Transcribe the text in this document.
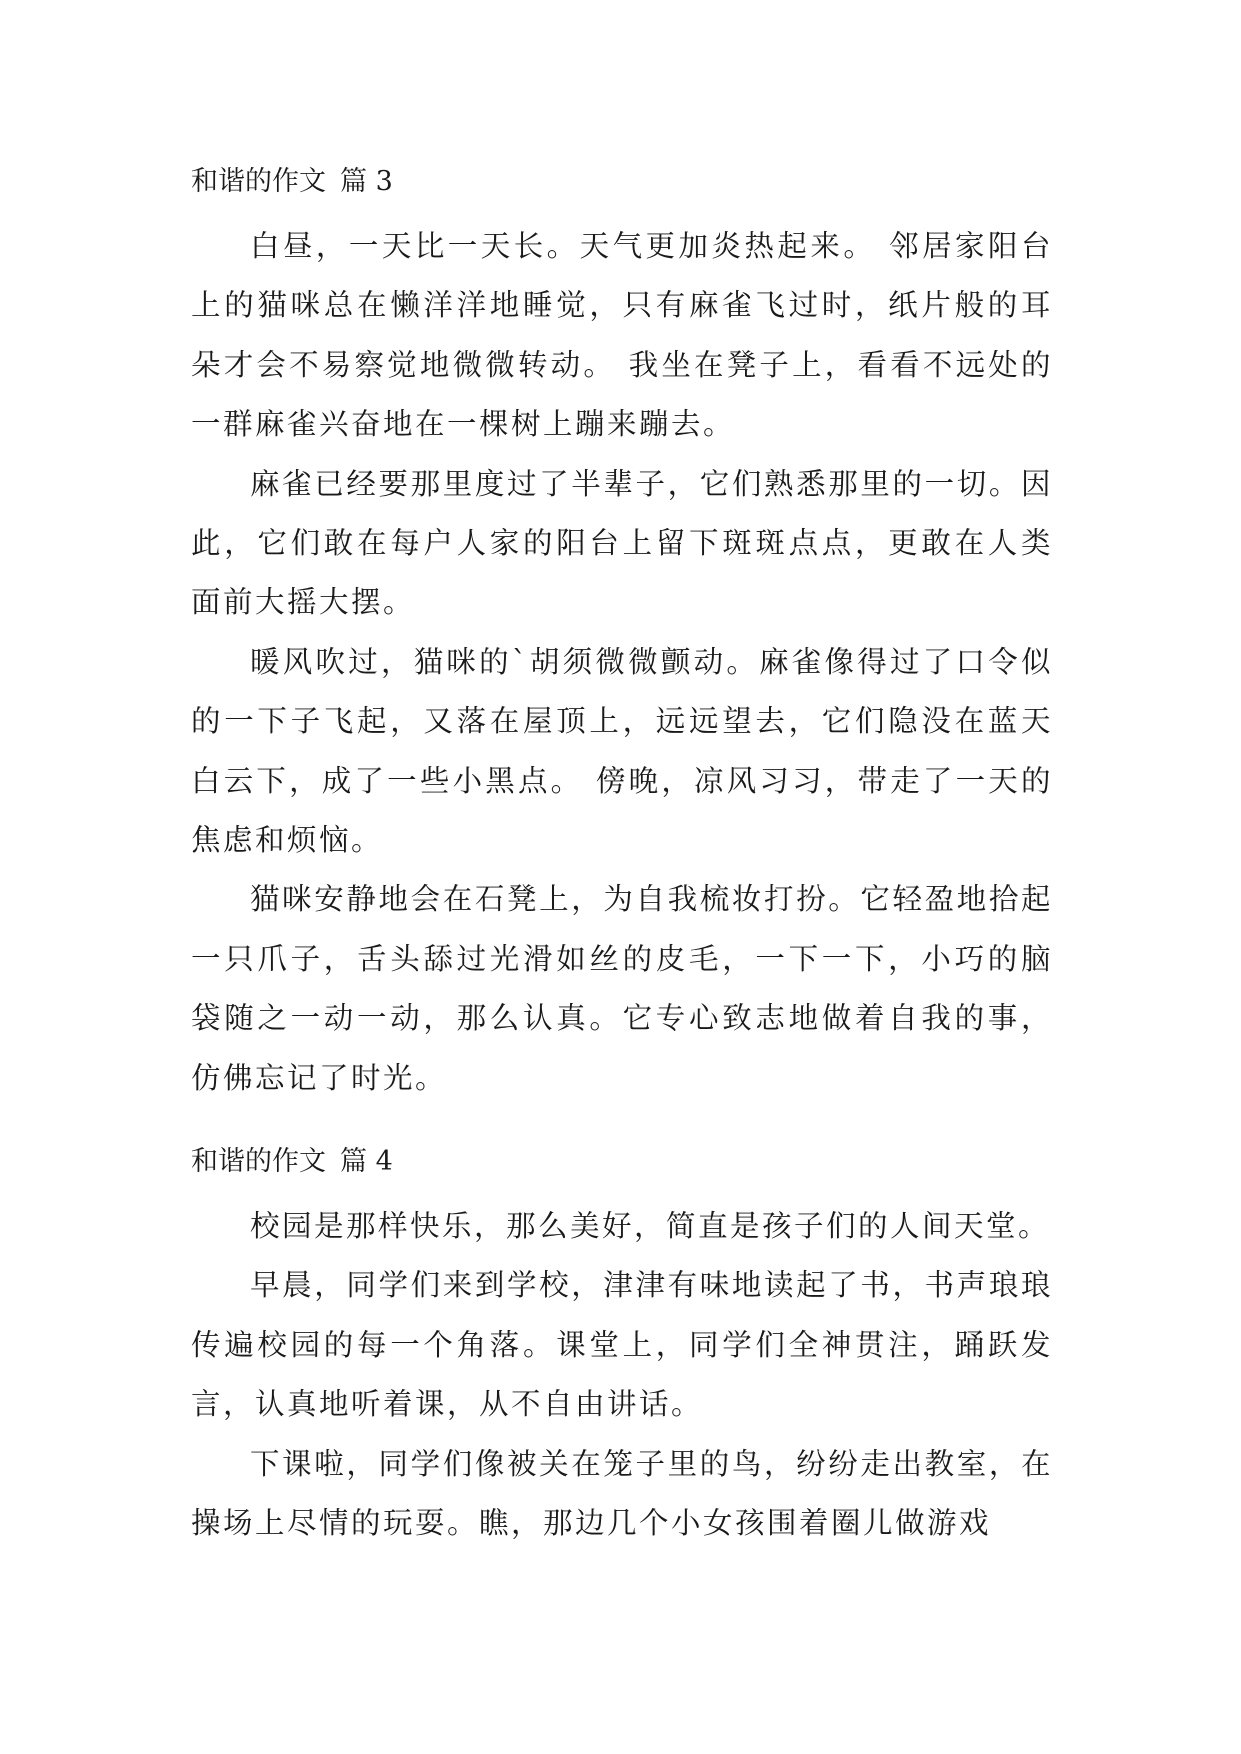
和谐的作文 篇 3

白昼，一天比一天长。天气更加炎热起来。 邻居家阳台上的猫咪总在懒洋洋地睡觉，只有麻雀飞过时，纸片般的耳朵才会不易察觉地微微转动。 我坐在凳子上，看看不远处的一群麻雀兴奋地在一棵树上蹦来蹦去。

麻雀已经要那里度过了半辈子，它们熟悉那里的一切。因此，它们敢在每户人家的阳台上留下斑斑点点，更敢在人类面前大摇大摆。

暖风吹过，猫咪的`胡须微微颤动。麻雀像得过了口令似的一下子飞起，又落在屋顶上，远远望去，它们隐没在蓝天白云下，成了一些小黑点。 傍晚，凉风习习，带走了一天的焦虑和烦恼。

猫咪安静地会在石凳上，为自我梳妆打扮。它轻盈地拾起一只爪子，舌头舔过光滑如丝的皮毛，一下一下，小巧的脑袋随之一动一动，那么认真。它专心致志地做着自我的事，仿佛忘记了时光。

和谐的作文 篇 4

校园是那样快乐，那么美好，简直是孩子们的人间天堂。

早晨，同学们来到学校，津津有味地读起了书，书声琅琅传遍校园的每一个角落。课堂上，同学们全神贯注，踊跃发言，认真地听着课，从不自由讲话。

下课啦，同学们像被关在笼子里的鸟，纷纷走出教室，在操场上尽情的玩耍。瞧，那边几个小女孩围着圈儿做游戏
